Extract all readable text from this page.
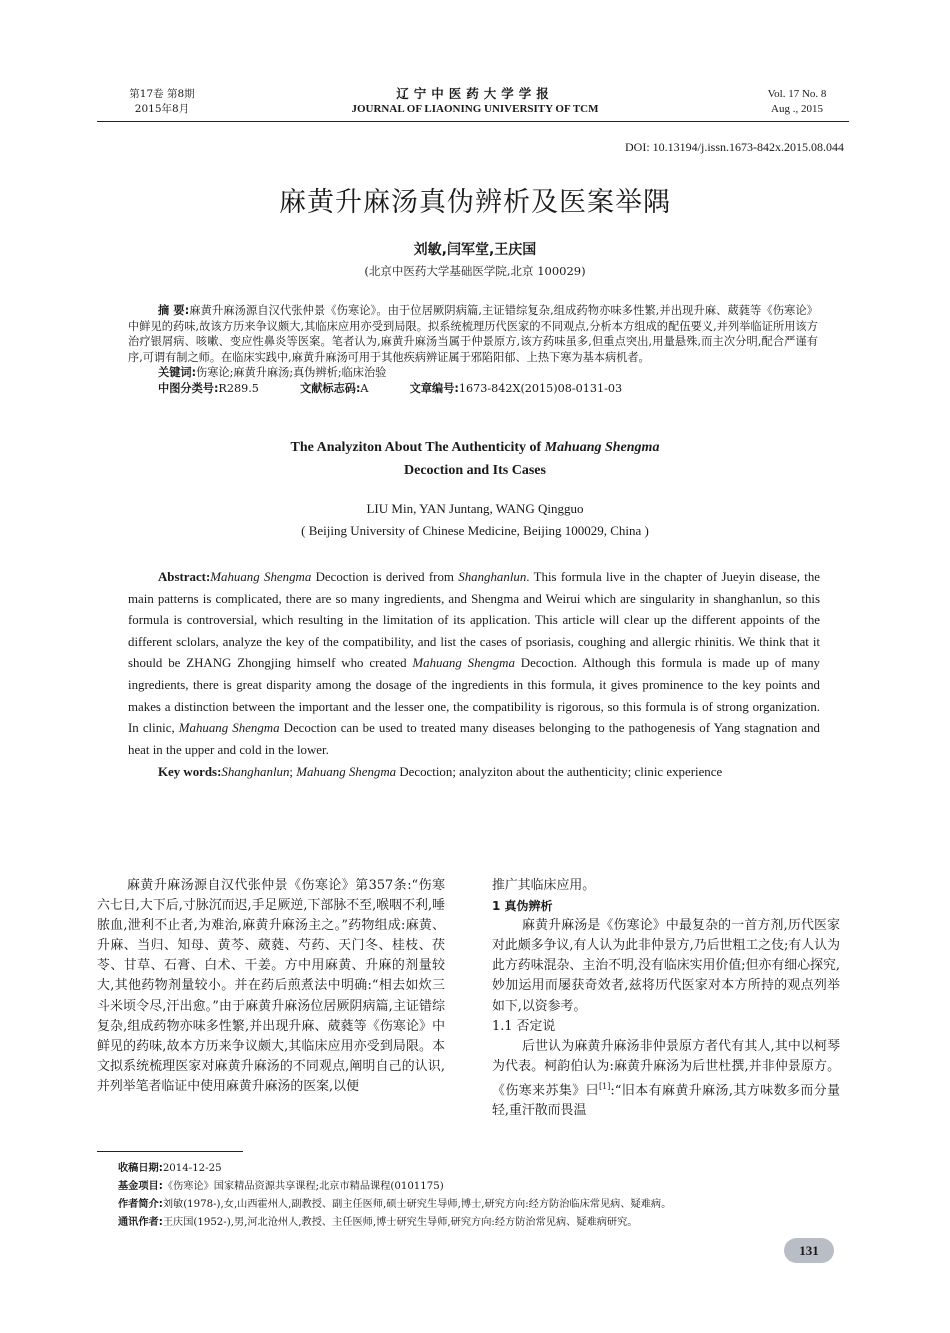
第17卷 第8期
2015年8月
辽宁中医药大学学报
JOURNAL OF LIAONING UNIVERSITY OF TCM
Vol. 17 No. 8
Aug ., 2015
DOI: 10.13194/j.issn.1673-842x.2015.08.044
麻黄升麻汤真伪辨析及医案举隅
刘敏,闫军堂,王庆国
(北京中医药大学基础医学院,北京 100029)

摘 要:麻黄升麻汤源自汉代张仲景《伤寒论》。由于位居厥阴病篇,主证错综复杂,组成药物亦味多性繁,并出现升麻、葳蕤等《伤寒论》中鲜见的药味,故该方历来争议颇大,其临床应用亦受到局限。拟系统梳理历代医家的不同观点,分析本方组成的配伍要义,并列举临证所用该方治疗银屑病、咳嗽、变应性鼻炎等医案。笔者认为,麻黄升麻汤当属于仲景原方,该方药味虽多,但重点突出,用量悬殊,而主次分明,配合严谨有序,可谓有制之师。在临床实践中,麻黄升麻汤可用于其他疾病辨证属于邪陷阳郁、上热下寒为基本病机者。

关键词:伤寒论;麻黄升麻汤;真伪辨析;临床治验

中图分类号:R289.5	文献标志码:A	文章编号:1673-842X(2015)08-0131-03

The Analyziton About The Authenticity of Mahuang Shengma
Decoction and Its Cases
LIU Min, YAN Juntang, WANG Qingguo
( Beijing University of Chinese Medicine, Beijing 100029, China )

Abstract:Mahuang Shengma Decoction is derived from Shanghanlun. This formula live in the chapter of Jueyin disease, the main patterns is complicated, there are so many ingredients, and Shengma and Weirui which are singularity in shanghanlun, so this formula is controversial, which resulting in the limitation of its application. This article will clear up the different appoints of the different sclolars, analyze the key of the compatibility, and list the cases of psoriasis, coughing and allergic rhinitis. We think that it should be ZHANG Zhongjing himself who created Mahuang Shengma Decoction. Although this formula is made up of many ingredients, there is great disparity among the dosage of the ingredients in this formula, it gives prominence to the key points and makes a distinction between the important and the lesser one, the compatibility is rigorous, so this formula is of strong organization. In clinic, Mahuang Shengma Decoction can be used to treated many diseases belonging to the pathogenesis of Yang stagnation and heat in the upper and cold in the lower.

Key words:Shanghanlun; Mahuang Shengma Decoction; analyziton about the authenticity; clinic experience

麻黄升麻汤源自汉代张仲景《伤寒论》第357条:“伤寒六七日,大下后,寸脉沉而迟,手足厥逆,下部脉不至,喉咽不利,唾脓血,泄利不止者,为难治,麻黄升麻汤主之。”药物组成:麻黄、升麻、当归、知母、黄芩、葳蕤、芍药、天门冬、桂枝、茯苓、甘草、石膏、白术、干姜。方中用麻黄、升麻的剂量较大,其他药物剂量较小。并在药后煎煮法中明确:“相去如炊三斗米顷令尽,汗出愈。”由于麻黄升麻汤位居厥阴病篇,主证错综复杂,组成药物亦味多性繁,并出现升麻、葳蕤等《伤寒论》中鲜见的药味,故本方历来争议颇大,其临床应用亦受到局限。本文拟系统梳理医家对麻黄升麻汤的不同观点,阐明自己的认识,并列举笔者临证中使用麻黄升麻汤的医案,以便

推广其临床应用。

1 真伪辨析

麻黄升麻汤是《伤寒论》中最复杂的一首方剂,历代医家对此颇多争议,有人认为此非仲景方,乃后世粗工之伎;有人认为此方药味混杂、主治不明,没有临床实用价值;但亦有细心探究,妙加运用而屡获奇效者,兹将历代医家对本方所持的观点列举如下,以资参考。

1.1 否定说

后世认为麻黄升麻汤非仲景原方者代有其人,其中以柯琴为代表。柯韵伯认为:麻黄升麻汤为后世杜撰,并非仲景原方。《伤寒来苏集》曰[1]:“旧本有麻黄升麻汤,其方味数多而分量轻,重汗散而畏温

收稿日期:2014-12-25

基金项目:《伤寒论》国家精品资源共享课程;北京市精品课程(0101175)

作者简介:刘敏(1978-),女,山西霍州人,副教授、副主任医师,硕士研究生导师,博士,研究方向:经方防治临床常见病、疑难病。

通讯作者:王庆国(1952-),男,河北沧州人,教授、主任医师,博士研究生导师,研究方向:经方防治常见病、疑难病研究。

131
